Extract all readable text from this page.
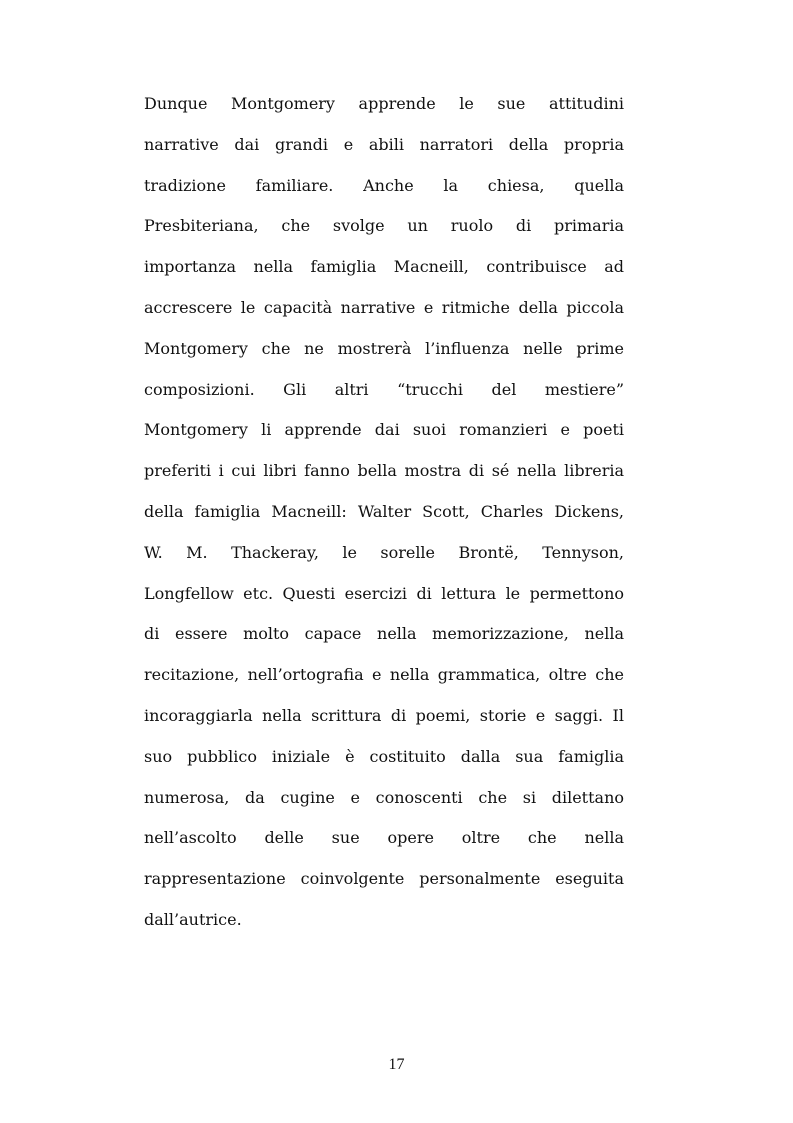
Dunque Montgomery apprende le sue attitudini
narrative dai grandi e abili narratori della propria
tradizione familiare. Anche la chiesa, quella
Presbiteriana, che svolge un ruolo di primaria
importanza nella famiglia Macneill, contribuisce ad
accrescere le capacità narrative e ritmiche della piccola
Montgomery che ne mostrerà l’influenza nelle prime
composizioni. Gli altri “trucchi del mestiere”
Montgomery li apprende dai suoi romanzieri e poeti
preferiti i cui libri fanno bella mostra di sé nella libreria
della famiglia Macneill: Walter Scott, Charles Dickens,
W. M. Thackeray, le sorelle Brontë, Tennyson,
Longfellow etc. Questi esercizi di lettura le permettono
di essere molto capace nella memorizzazione, nella
recitazione, nell’ortografia e nella grammatica, oltre che
incoraggiarla nella scrittura di poemi, storie e saggi. Il
suo pubblico iniziale è costituito dalla sua famiglia
numerosa, da cugine e conoscenti che si dilettano
nell’ascolto delle sue opere oltre che nella
rappresentazione coinvolgente personalmente eseguita
dall’autrice.
17
